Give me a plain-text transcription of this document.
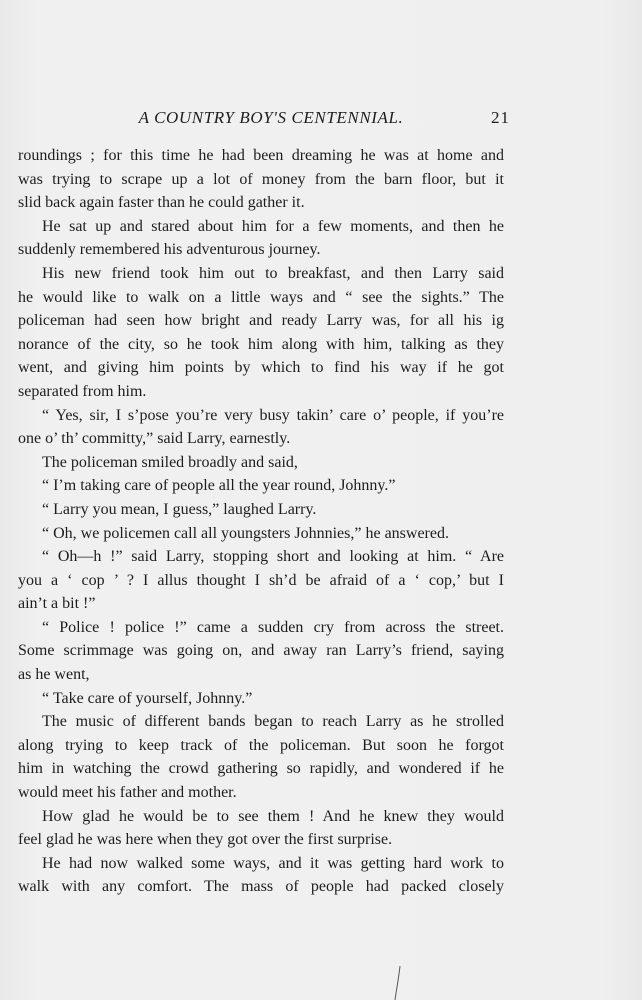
A COUNTRY BOY'S CENTENNIAL.	21
roundings ; for this time he had been dreaming he was at home and
was trying to scrape up a lot of money from the barn floor, but it
slid back again faster than he could gather it.
He sat up and stared about him for a few moments, and then he
suddenly remembered his adventurous journey.
His new friend took him out to breakfast, and then Larry said
he would like to walk on a little ways and “ see the sights.” The
policeman had seen how bright and ready Larry was, for all his ig
norance of the city, so he took him along with him, talking as they
went, and giving him points by which to find his way if he got
separated from him.
“ Yes, sir, I s’pose you’re very busy takin’ care o’ people, if you’re
one o’ th’ committy,” said Larry, earnestly.
The policeman smiled broadly and said,
“ I’m taking care of people all the year round, Johnny.”
“ Larry you mean, I guess,” laughed Larry.
“ Oh, we policemen call all youngsters Johnnies,” he answered.
“ Oh—h !” said Larry, stopping short and looking at him. “ Are
you a ‘ cop ’ ? I allus thought I sh’d be afraid of a ‘ cop,’ but I
ain’t a bit !”
“ Police ! police !” came a sudden cry from across the street.
Some scrimmage was going on, and away ran Larry’s friend, saying
as he went,
“ Take care of yourself, Johnny.”
The music of different bands began to reach Larry as he strolled
along trying to keep track of the policeman. But soon he forgot
him in watching the crowd gathering so rapidly, and wondered if he
would meet his father and mother.
How glad he would be to see them ! And he knew they would
feel glad he was here when they got over the first surprise.
He had now walked some ways, and it was getting hard work to
walk with any comfort. The mass of people had packed closely
